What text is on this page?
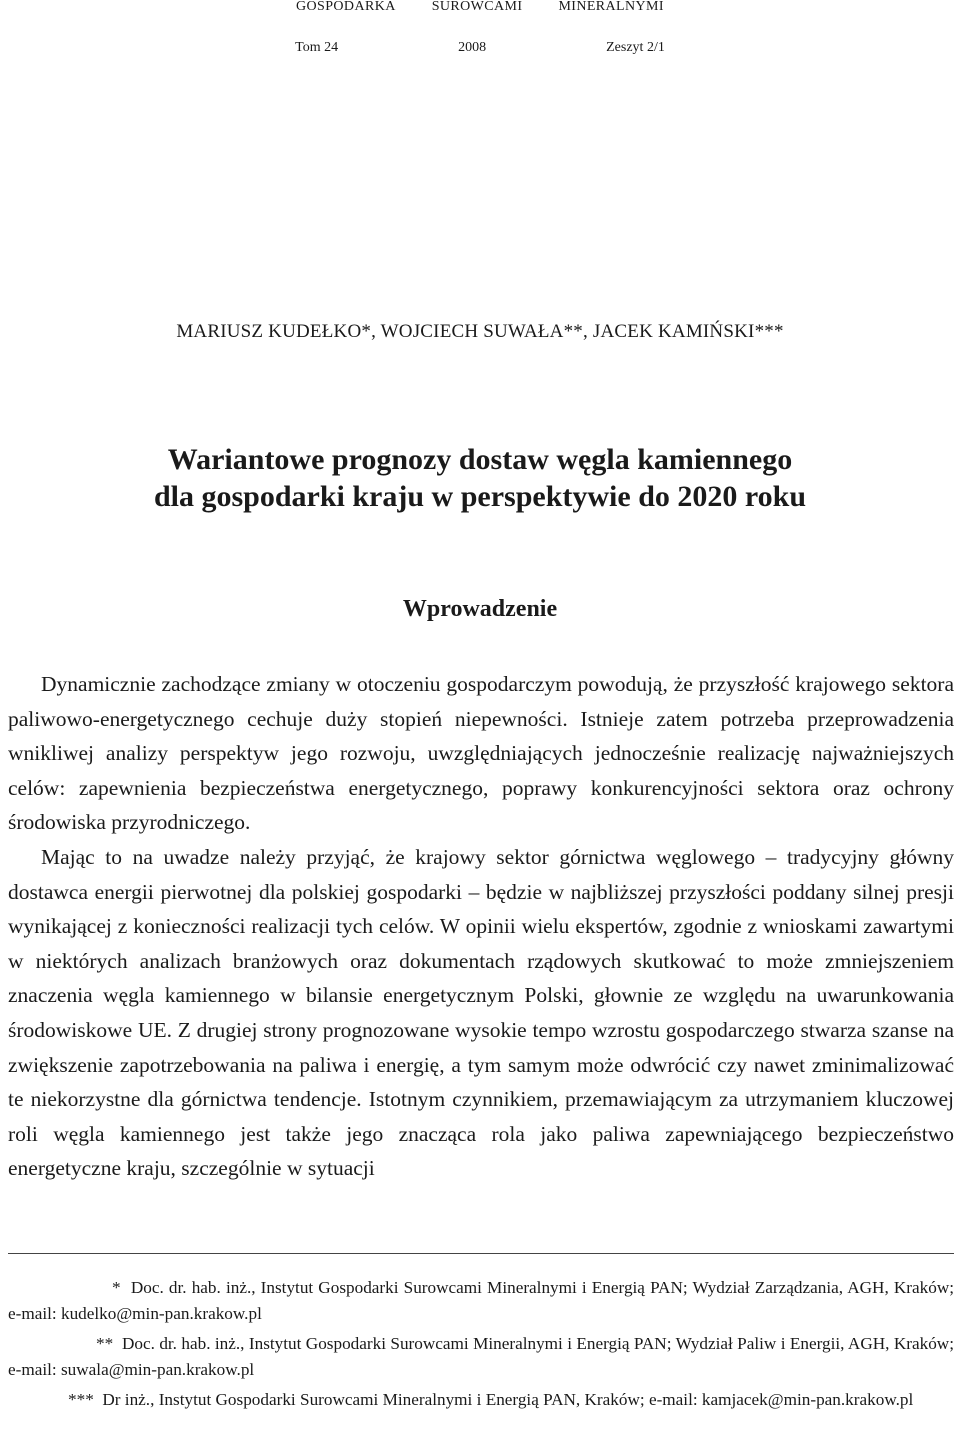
GOSPODARKA	SUROWCAMI	MINERALNYMI
Tom 24	2008	Zeszyt 2/1
MARIUSZ KUDEŁKO*, WOJCIECH SUWAŁA**, JACEK KAMIŃSKI***
Wariantowe prognozy dostaw węgla kamiennego
dla gospodarki kraju w perspektywie do 2020 roku
Wprowadzenie

Dynamicznie zachodzące zmiany w otoczeniu gospodarczym powodują, że przyszłość krajowego sektora paliwowo-energetycznego cechuje duży stopień niepewności. Istnieje zatem potrzeba przeprowadzenia wnikliwej analizy perspektyw jego rozwoju, uwzględniających jednocześnie realizację najważniejszych celów: zapewnienia bezpieczeństwa energetycznego, poprawy konkurencyjności sektora oraz ochrony środowiska przyrodniczego.

Mając to na uwadze należy przyjąć, że krajowy sektor górnictwa węglowego – tradycyjny główny dostawca energii pierwotnej dla polskiej gospodarki – będzie w najbliższej przyszłości poddany silnej presji wynikającej z konieczności realizacji tych celów. W opinii wielu ekspertów, zgodnie z wnioskami zawartymi w niektórych analizach branżowych oraz dokumentach rządowych skutkować to może zmniejszeniem znaczenia węgla kamiennego w bilansie energetycznym Polski, głownie ze względu na uwarunkowania środowiskowe UE. Z drugiej strony prognozowane wysokie tempo wzrostu gospodarczego stwarza szanse na zwiększenie zapotrzebowania na paliwa i energię, a tym samym może odwrócić czy nawet zminimalizować te niekorzystne dla górnictwa tendencje. Istotnym czynnikiem, przemawiającym za utrzymaniem kluczowej roli węgla kamiennego jest także jego znacząca rola jako paliwa zapewniającego bezpieczeństwo energetyczne kraju, szczególnie w sytuacji

* Doc. dr. hab. inż., Instytut Gospodarki Surowcami Mineralnymi i Energią PAN; Wydział Zarządzania, AGH, Kraków; e-mail: kudelko@min-pan.krakow.pl

** Doc. dr. hab. inż., Instytut Gospodarki Surowcami Mineralnymi i Energią PAN; Wydział Paliw i Energii, AGH, Kraków; e-mail: suwala@min-pan.krakow.pl

*** Dr inż., Instytut Gospodarki Surowcami Mineralnymi i Energią PAN, Kraków; e-mail: kamjacek@min-pan.krakow.pl
